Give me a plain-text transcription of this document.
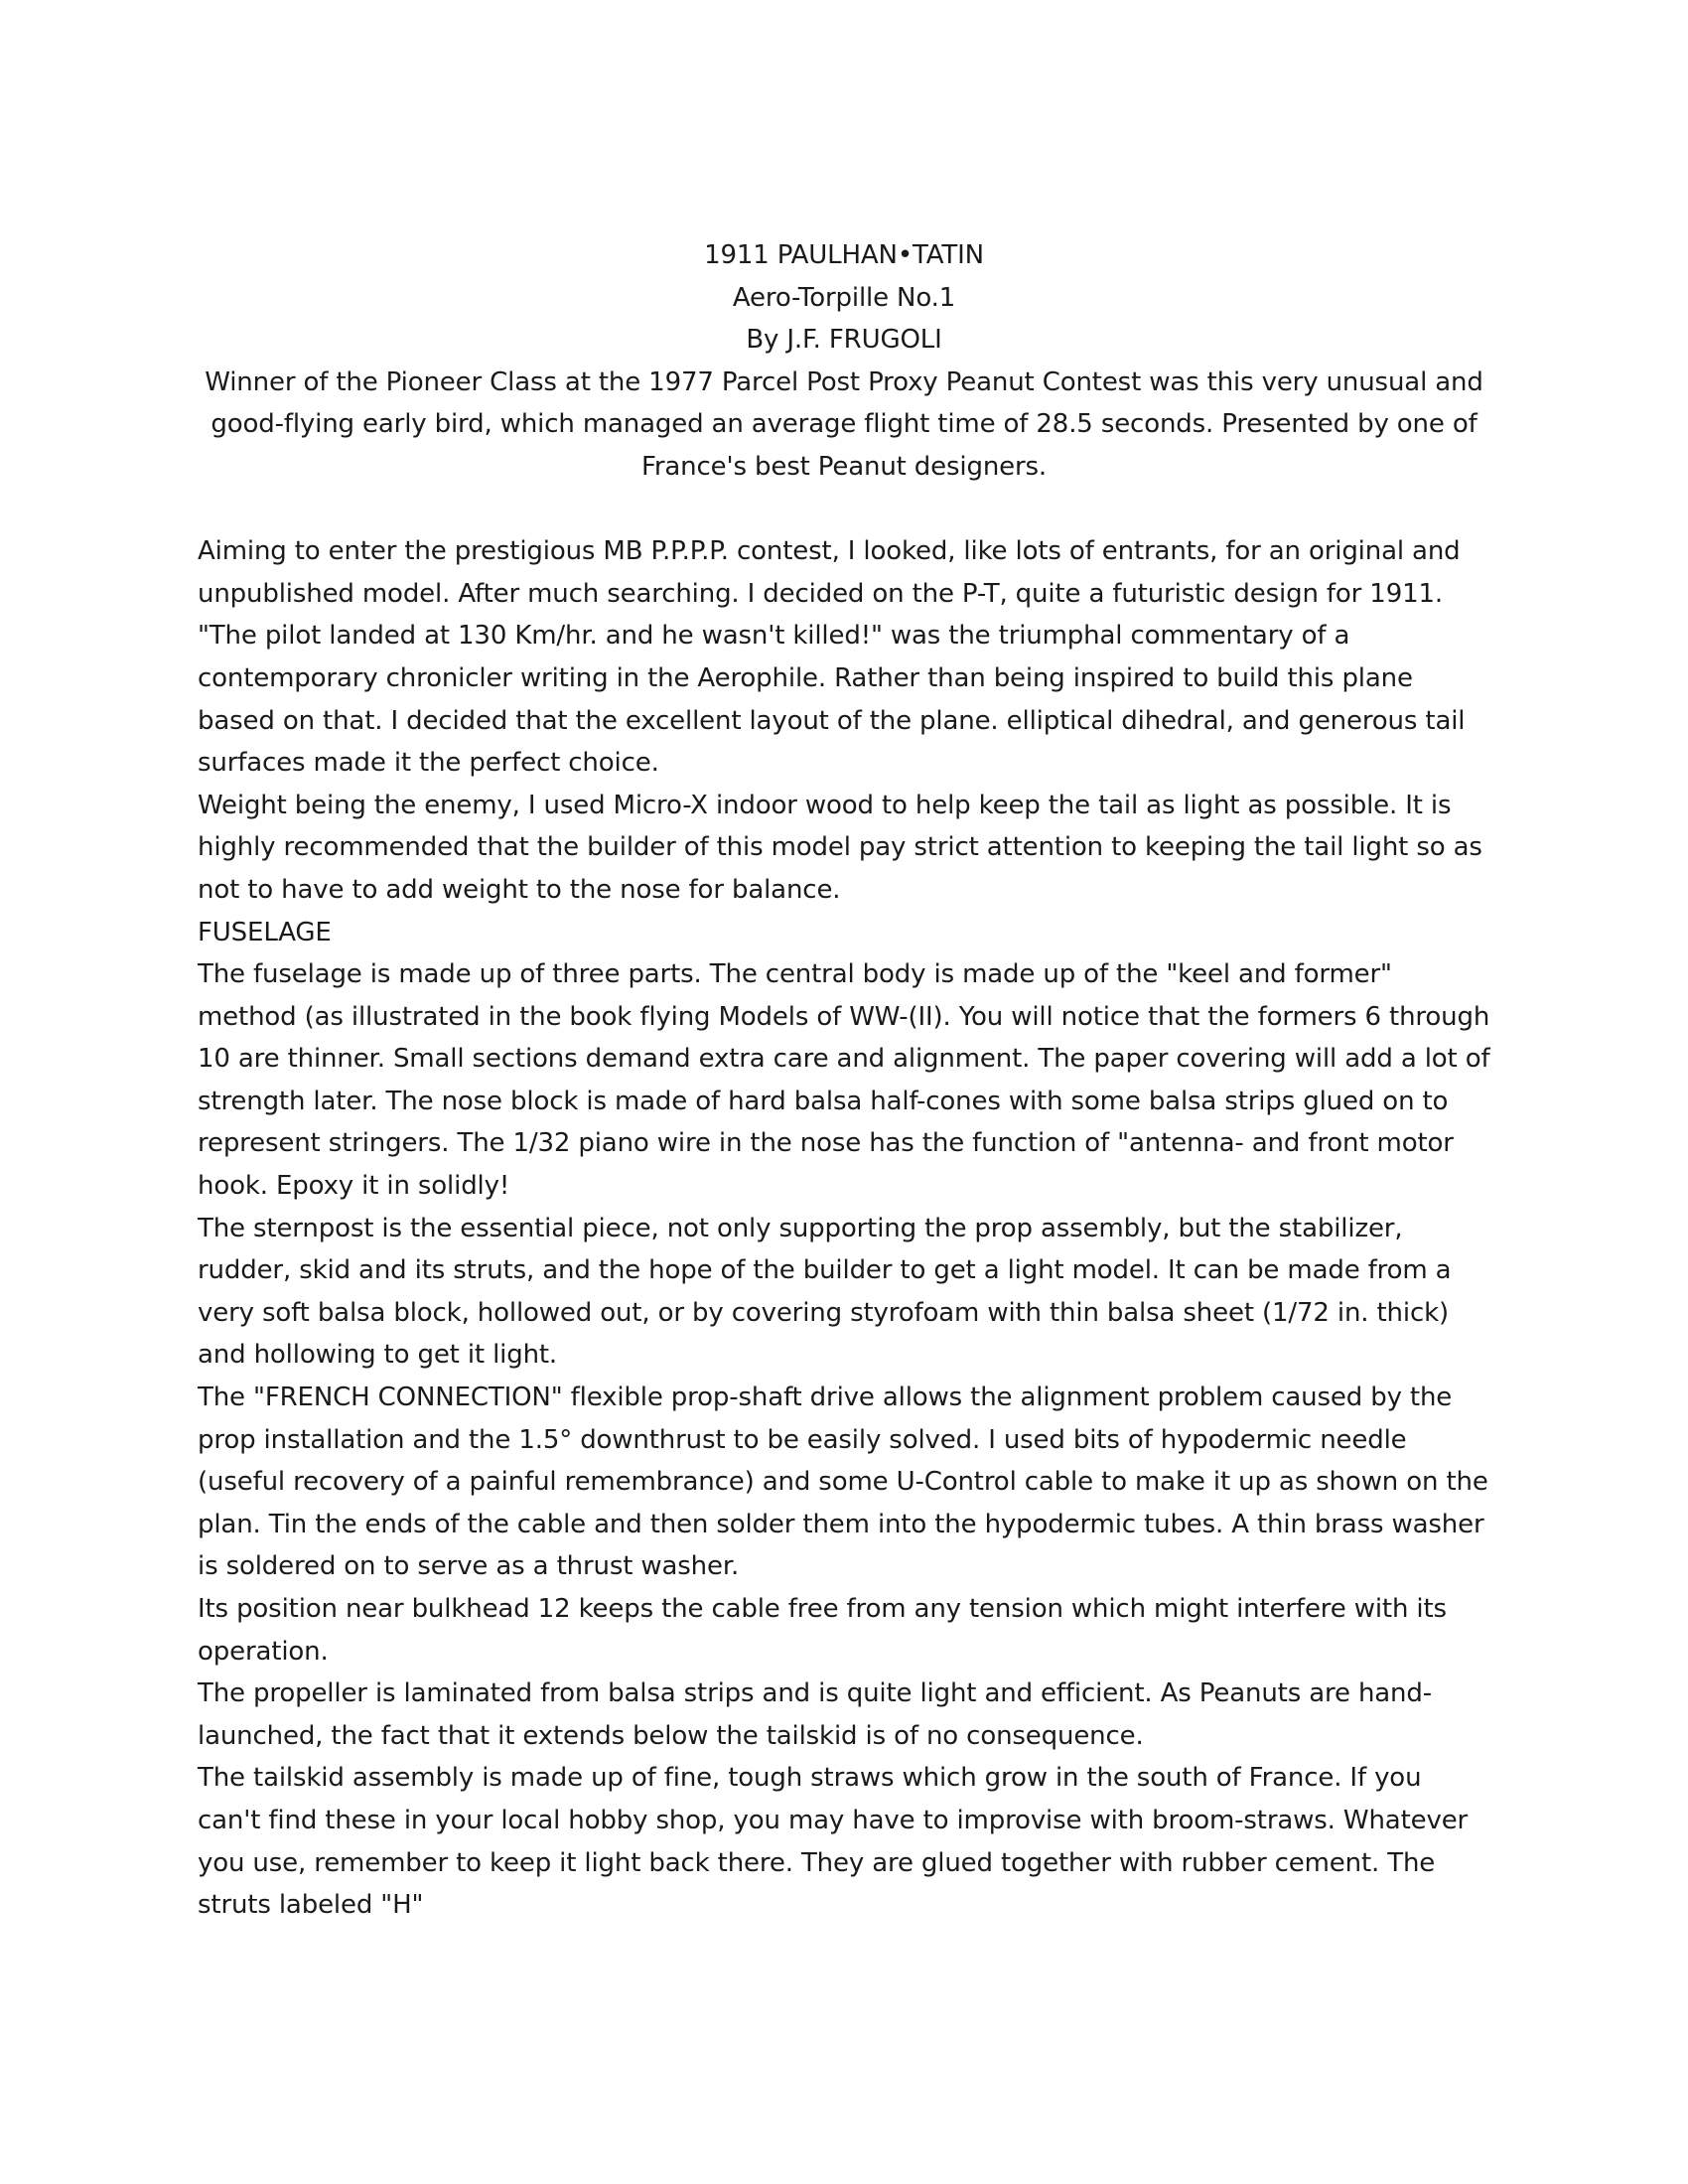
1911 PAULHAN•TATIN

Aero-Torpille No.1

By J.F. FRUGOLI

Winner of the Pioneer Class at the 1977 Parcel Post Proxy Peanut Contest was this very unusual and good-flying early bird, which managed an average flight time of 28.5 seconds. Presented by one of France's best Peanut designers.

Aiming to enter the prestigious MB P.P.P.P. contest, I looked, like lots of entrants, for an original and unpublished model. After much searching. I decided on the P-T, quite a futuristic design for 1911. "The pilot landed at 130 Km/hr. and he wasn't killed!" was the triumphal commentary of a contemporary chronicler writing in the Aerophile. Rather than being inspired to build this plane based on that. I decided that the excellent layout of the plane. elliptical dihedral, and generous tail surfaces made it the perfect choice.

Weight being the enemy, I used Micro-X indoor wood to help keep the tail as light as possible. It is highly recommended that the builder of this model pay strict attention to keeping the tail light so as not to have to add weight to the nose for balance.

FUSELAGE

The fuselage is made up of three parts. The central body is made up of the "keel and former" method (as illustrated in the book flying Models of WW-(II). You will notice that the formers 6 through 10 are thinner. Small sections demand extra care and alignment. The paper covering will add a lot of strength later. The nose block is made of hard balsa half-cones with some balsa strips glued on to represent stringers. The 1/32 piano wire in the nose has the function of "antenna- and front motor hook. Epoxy it in solidly!

The sternpost is the essential piece, not only supporting the prop assembly, but the stabilizer, rudder, skid and its struts, and the hope of the builder to get a light model. It can be made from a very soft balsa block, hollowed out, or by covering styrofoam with thin balsa sheet (1/72 in. thick) and hollowing to get it light.

The "FRENCH CONNECTION" flexible prop-shaft drive allows the alignment problem caused by the prop installation and the 1.5° downthrust to be easily solved. I used bits of hypodermic needle (useful recovery of a painful remembrance) and some U-Control cable to make it up as shown on the plan. Tin the ends of the cable and then solder them into the hypodermic tubes. A thin brass washer is soldered on to serve as a thrust washer.

Its position near bulkhead 12 keeps the cable free from any tension which might interfere with its operation.

The propeller is laminated from balsa strips and is quite light and efficient. As Peanuts are hand-launched, the fact that it extends below the tailskid is of no consequence.

The tailskid assembly is made up of fine, tough straws which grow in the south of France. If you can't find these in your local hobby shop, you may have to improvise with broom-straws. Whatever you use, remember to keep it light back there. They are glued together with rubber cement. The struts labeled "H"
